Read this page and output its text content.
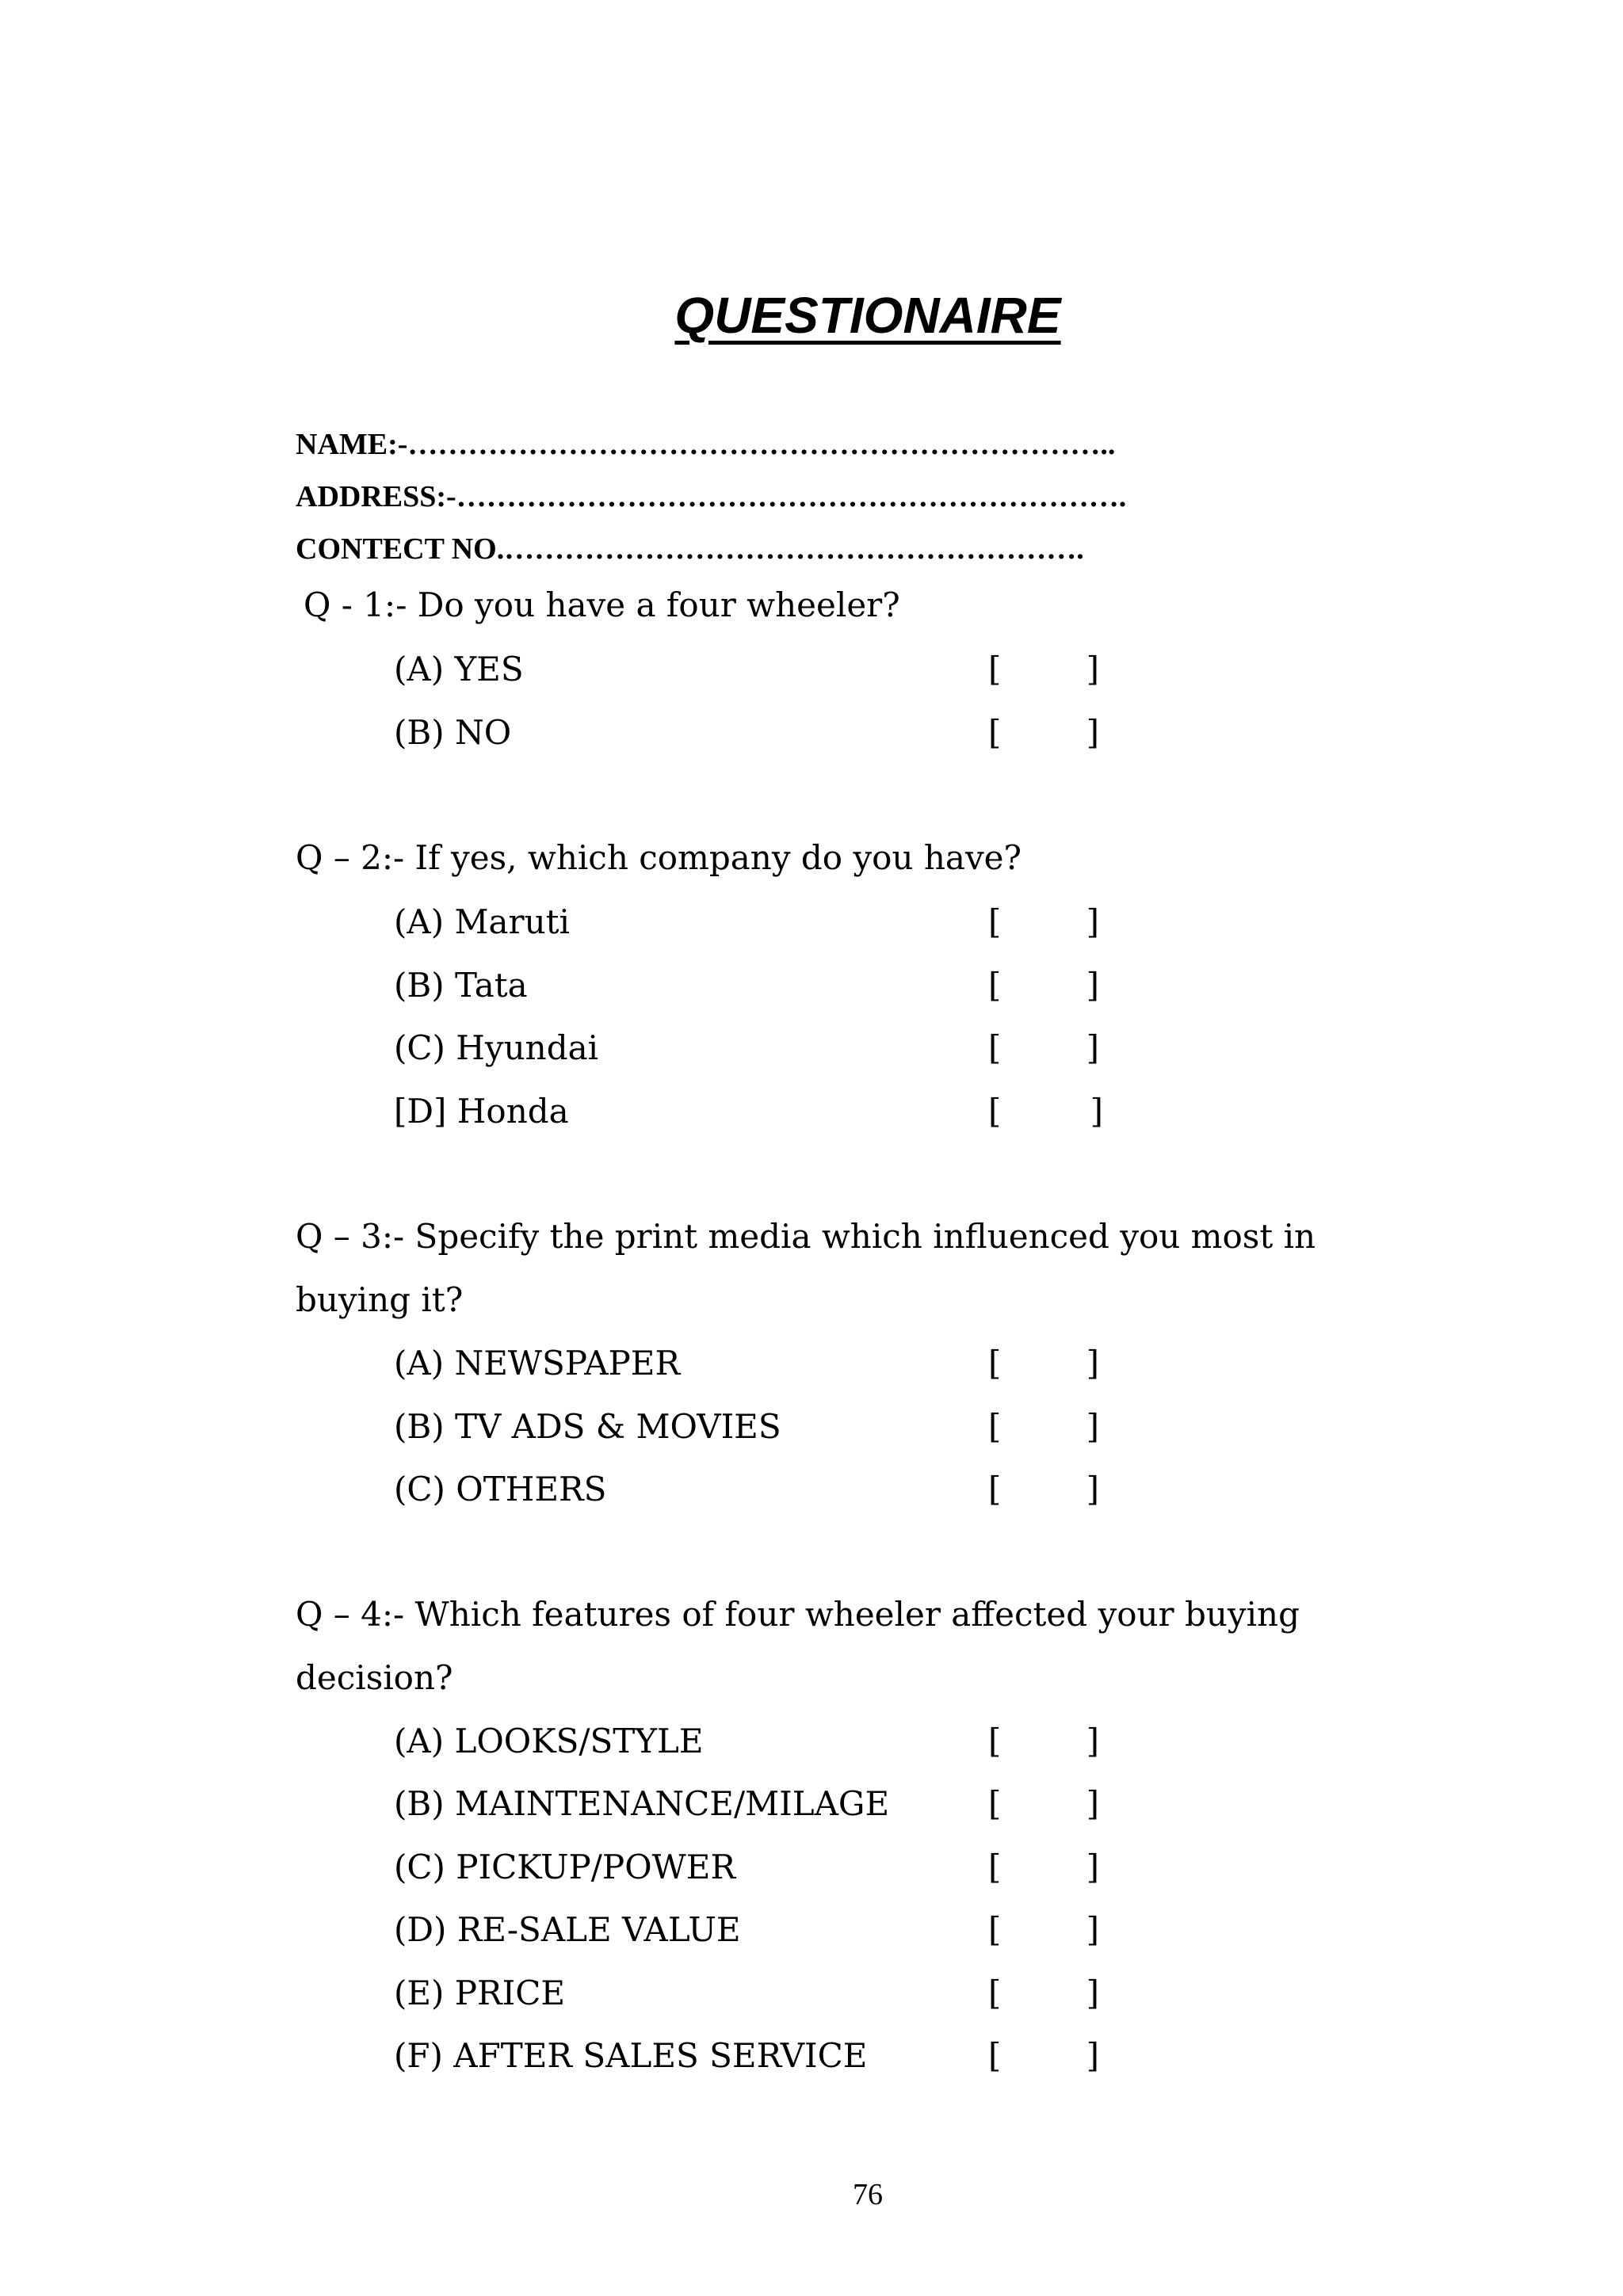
QUESTIONAIRE
NAME:-……………………………………………………………..
ADDRESS:-………………………………………………………….
CONTECT NO.………………………………………………….

Q - 1:- Do you have a four wheeler?

(A) YES	[	]
(B) NO	[	]

Q – 2:- If yes, which company do you have?

(A) Maruti	[	]
(B) Tata	[	]
(C) Hyundai	[	]
[D] Honda	[	]

Q – 3:- Specify the print media which influenced you most in buying it?

(A) NEWSPAPER	[	]
(B) TV ADS & MOVIES	[	]
(C) OTHERS	[	]

Q – 4:- Which features of four wheeler affected your buying decision?

(A) LOOKS/STYLE	[	]
(B) MAINTENANCE/MILAGE	[	]
(C) PICKUP/POWER	[	]
(D) RE-SALE VALUE	[	]
(E) PRICE	[	]
(F) AFTER SALES SERVICE	[	]
76
